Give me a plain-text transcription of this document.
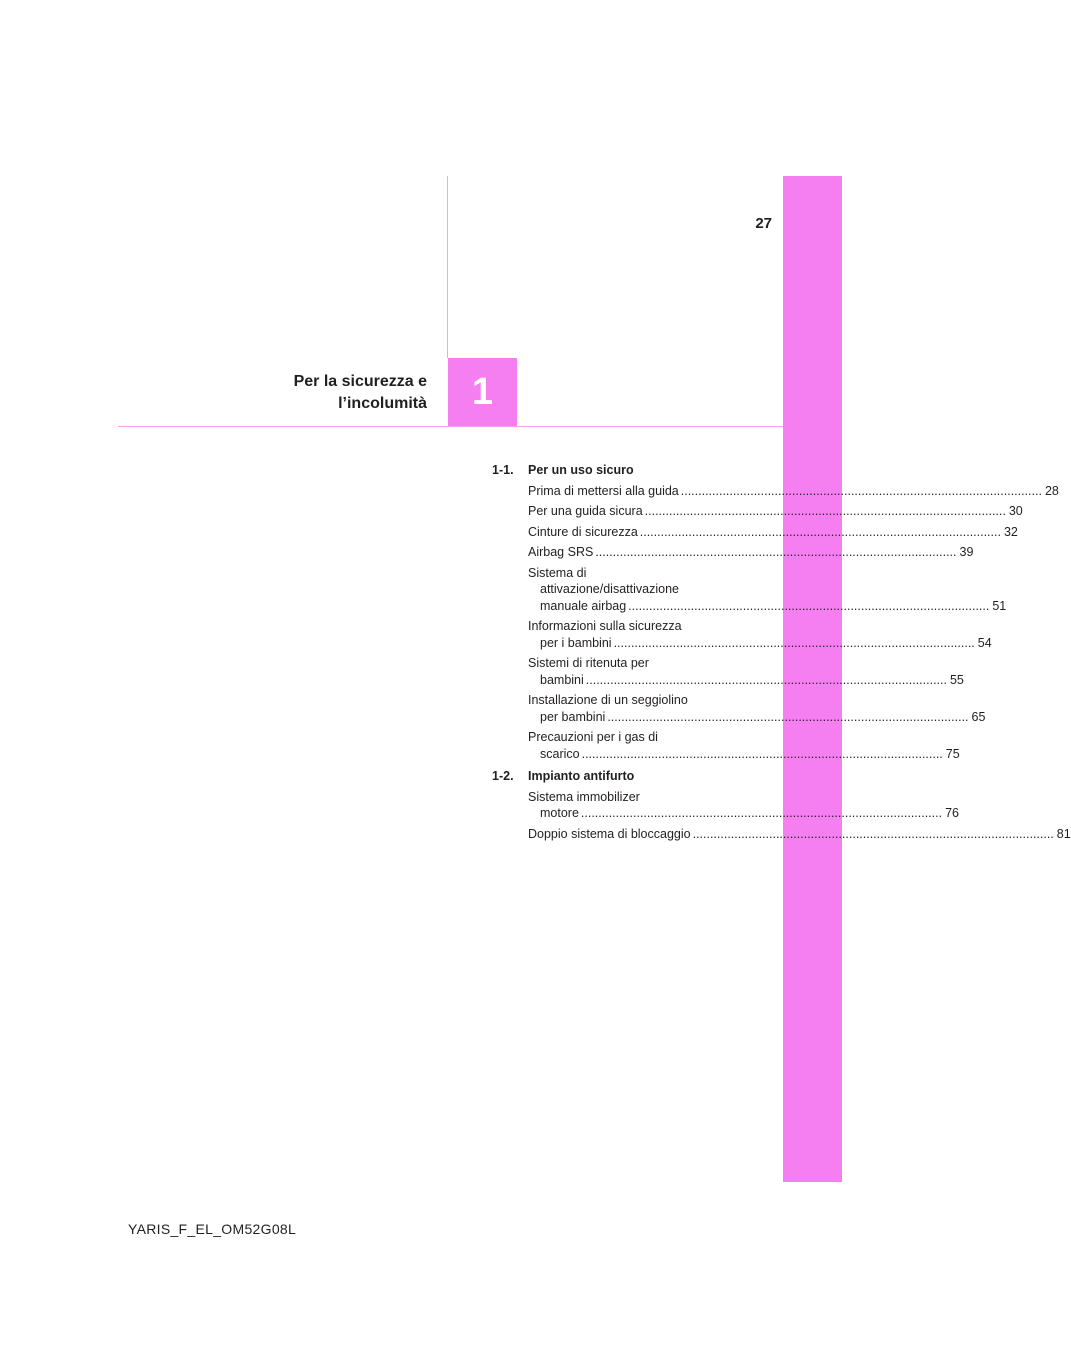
27
1
Per la sicurezza e
l’incolumità
1-1.	Per un uso sicuro
Prima di mettersi alla guida .....	28
Per una guida sicura .....	30
Cinture di sicurezza .....	32
Airbag SRS .....	39
Sistema di
attivazione/disattivazione
manuale airbag .....	51
Informazioni sulla sicurezza
per i bambini .....	54
Sistemi di ritenuta per
bambini .....	55
Installazione di un seggiolino
per bambini .....	65
Precauzioni per i gas di
scarico .....	75
1-2.	Impianto antifurto
Sistema immobilizer
motore .....	76
Doppio sistema di bloccaggio .....	81
YARIS_F_EL_OM52G08L
